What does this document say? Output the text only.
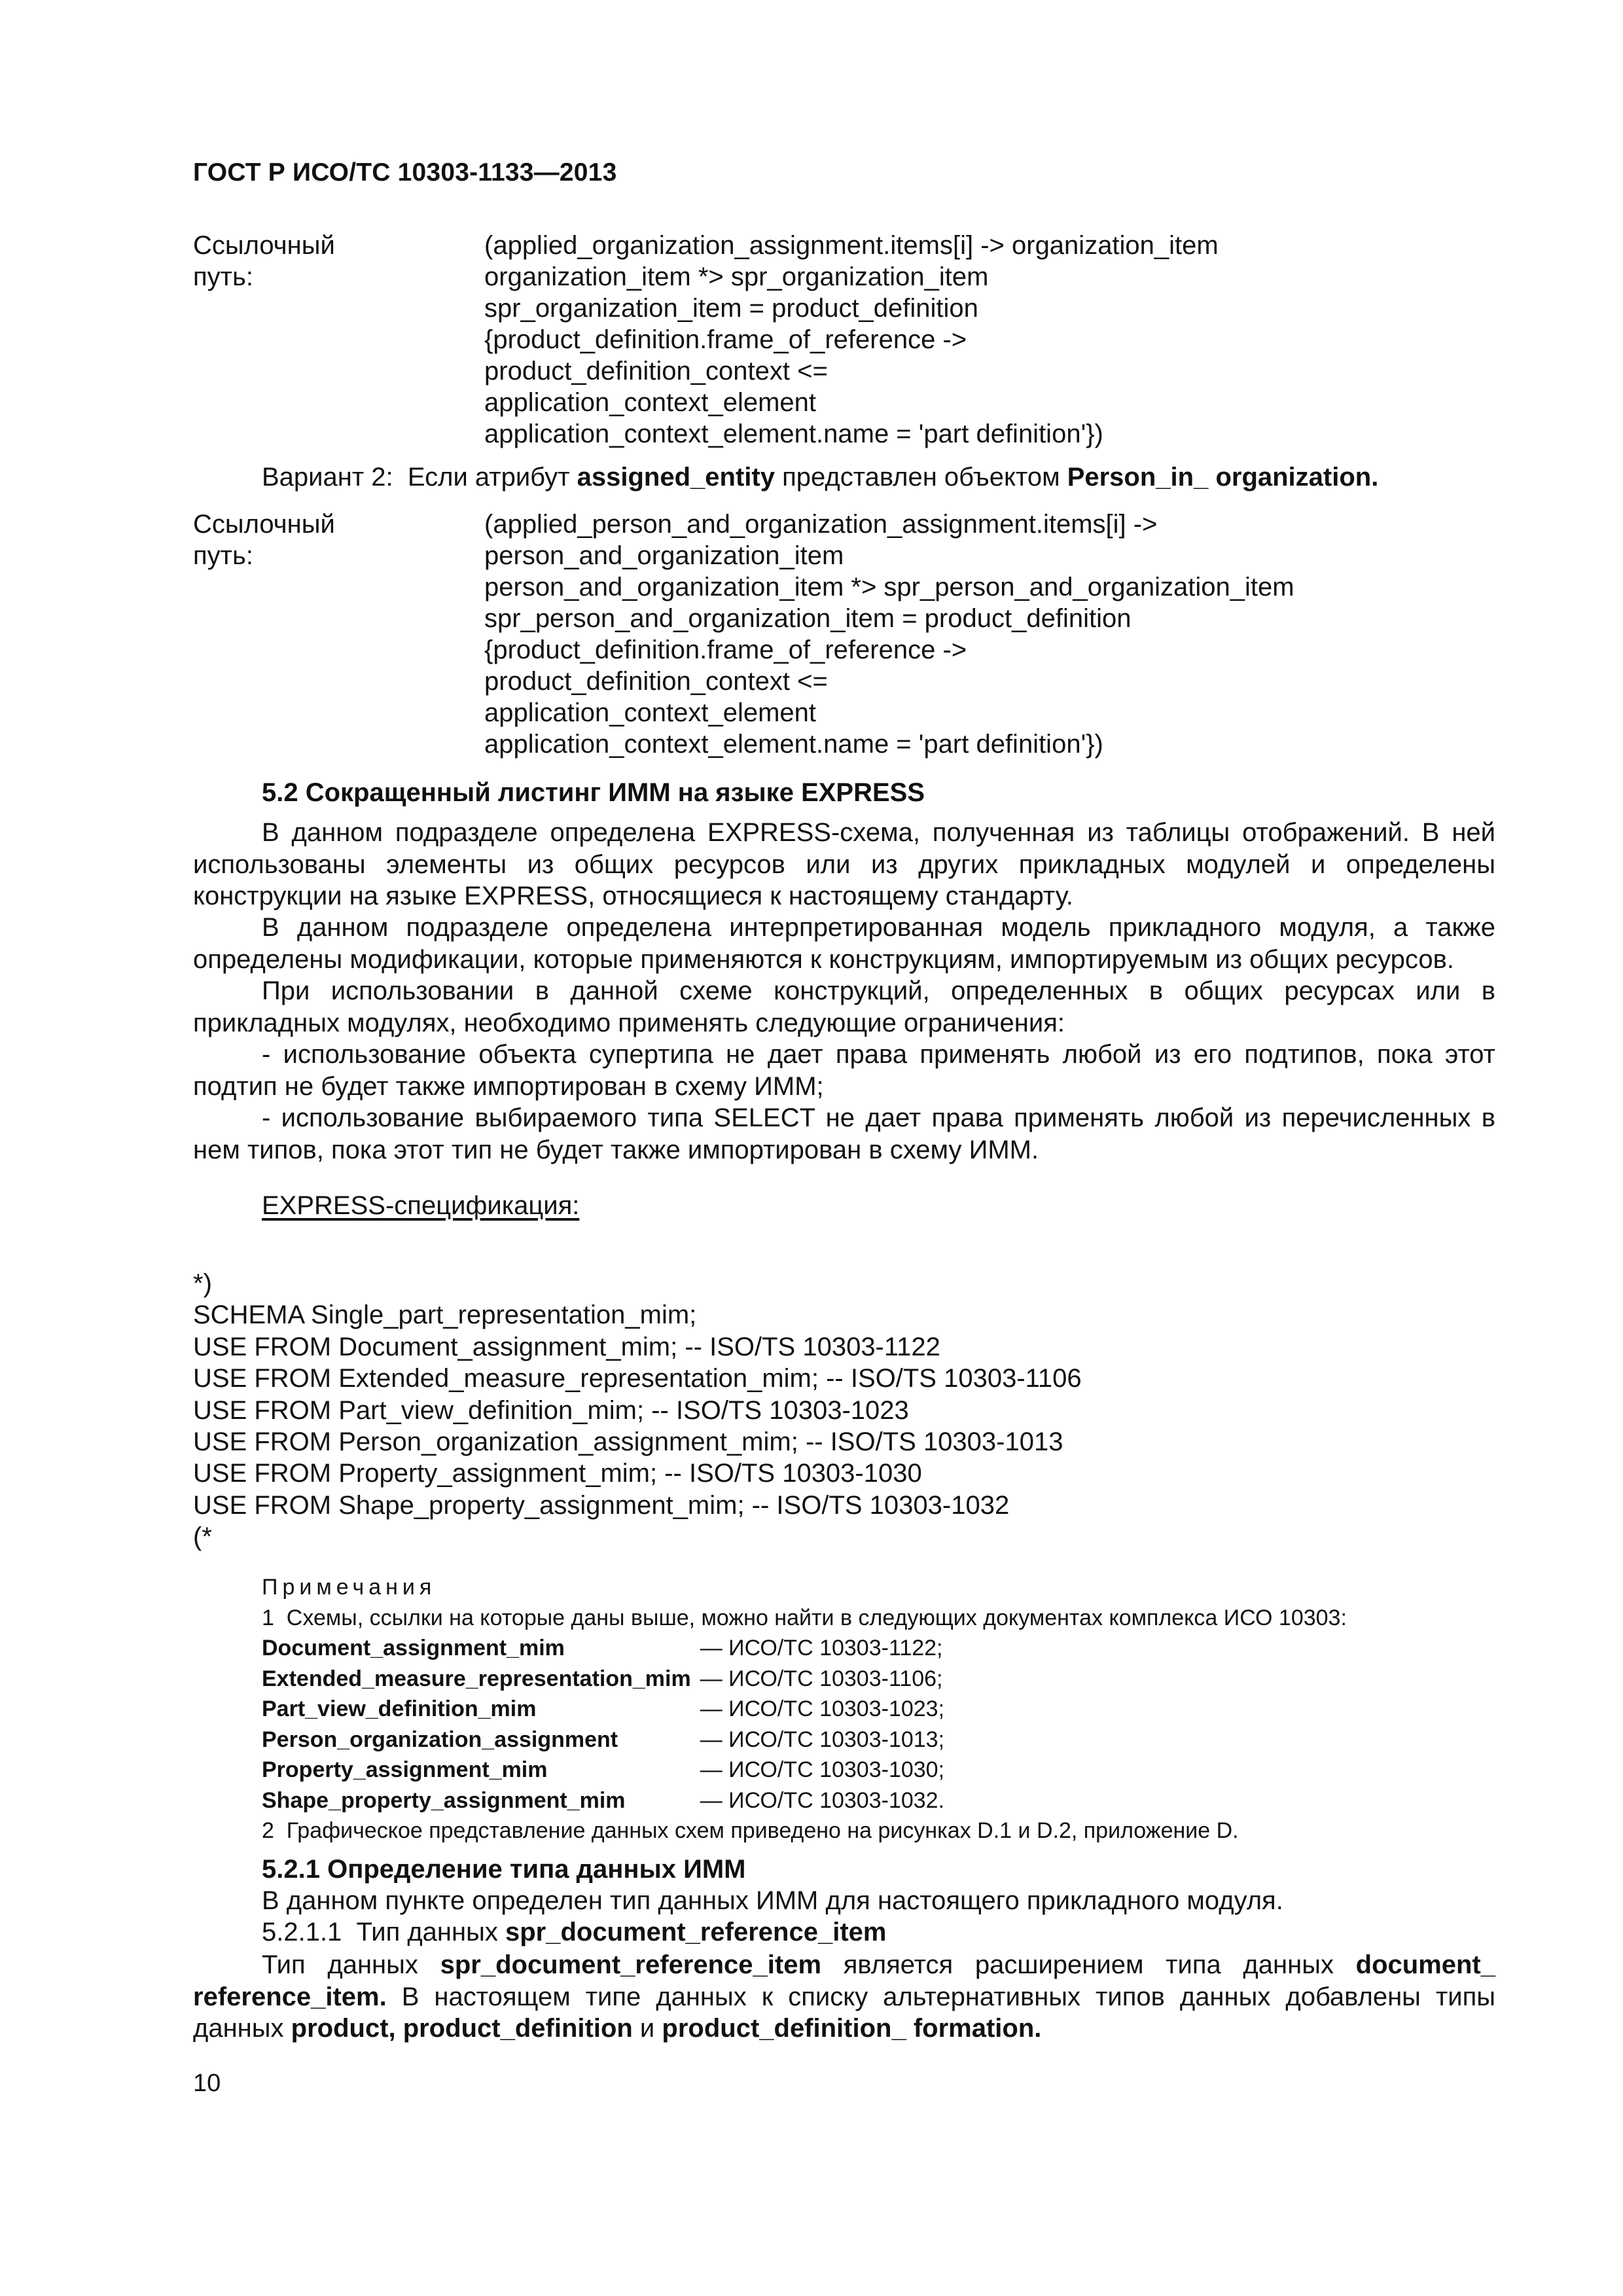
ГОСТ Р ИСО/ТС 10303-1133—2013
Ссылочный путь:
(applied_organization_assignment.items[i] -> organization_item
organization_item *> spr_organization_item
spr_organization_item = product_definition
{product_definition.frame_of_reference ->
product_definition_context <=
application_context_element
application_context_element.name = 'part definition'})
Вариант 2:  Если атрибут assigned_entity представлен объектом Person_in_ organization.
Ссылочный путь:
(applied_person_and_organization_assignment.items[i] ->
person_and_organization_item
person_and_organization_item *> spr_person_and_organization_item
spr_person_and_organization_item = product_definition
{product_definition.frame_of_reference ->
product_definition_context <=
application_context_element
application_context_element.name = 'part definition'})
5.2 Сокращенный листинг ИММ на языке EXPRESS
В данном подразделе определена EXPRESS-схема, полученная из таблицы отображений. В ней использованы элементы из общих ресурсов или из других прикладных модулей и определены конструкции на языке EXPRESS, относящиеся к настоящему стандарту.
В данном подразделе определена интерпретированная модель прикладного модуля, а также определены модификации, которые применяются к конструкциям, импортируемым из общих ресурсов.
При использовании в данной схеме конструкций, определенных в общих ресурсах или в прикладных модулях, необходимо применять следующие ограничения:
- использование объекта супертипа не дает права применять любой из его подтипов, пока этот подтип не будет также импортирован в схему ИММ;
- использование выбираемого типа SELECT не дает права применять любой из перечисленных в нем типов, пока этот тип не будет также импортирован в схему ИММ.
EXPRESS-спецификация:
*)
SCHEMA Single_part_representation_mim;
USE FROM Document_assignment_mim; -- ISO/TS 10303-1122
USE FROM Extended_measure_representation_mim; -- ISO/TS 10303-1106
USE FROM Part_view_definition_mim; -- ISO/TS 10303-1023
USE FROM Person_organization_assignment_mim; -- ISO/TS 10303-1013
USE FROM Property_assignment_mim; -- ISO/TS 10303-1030
USE FROM Shape_property_assignment_mim; -- ISO/TS 10303-1032
(*
Примечания
1  Схемы, ссылки на которые даны выше, можно найти в следующих документах комплекса ИСО 10303:
Document_assignment_mim	— ИСО/ТС 10303-1122;
Extended_measure_representation_mim	— ИСО/ТС 10303-1106;
Part_view_definition_mim	— ИСО/ТС 10303-1023;
Person_organization_assignment	— ИСО/ТС 10303-1013;
Property_assignment_mim	— ИСО/ТС 10303-1030;
Shape_property_assignment_mim	— ИСО/ТС 10303-1032.
2  Графическое представление данных схем приведено на рисунках D.1 и D.2, приложение D.
5.2.1 Определение типа данных ИММ
В данном пункте определен тип данных ИММ для настоящего прикладного модуля.
5.2.1.1  Тип данных spr_document_reference_item
Тип данных spr_document_reference_item является расширением типа данных document_ reference_item. В настоящем типе данных к списку альтернативных типов данных добавлены типы данных product, product_definition и product_definition_ formation.
10
